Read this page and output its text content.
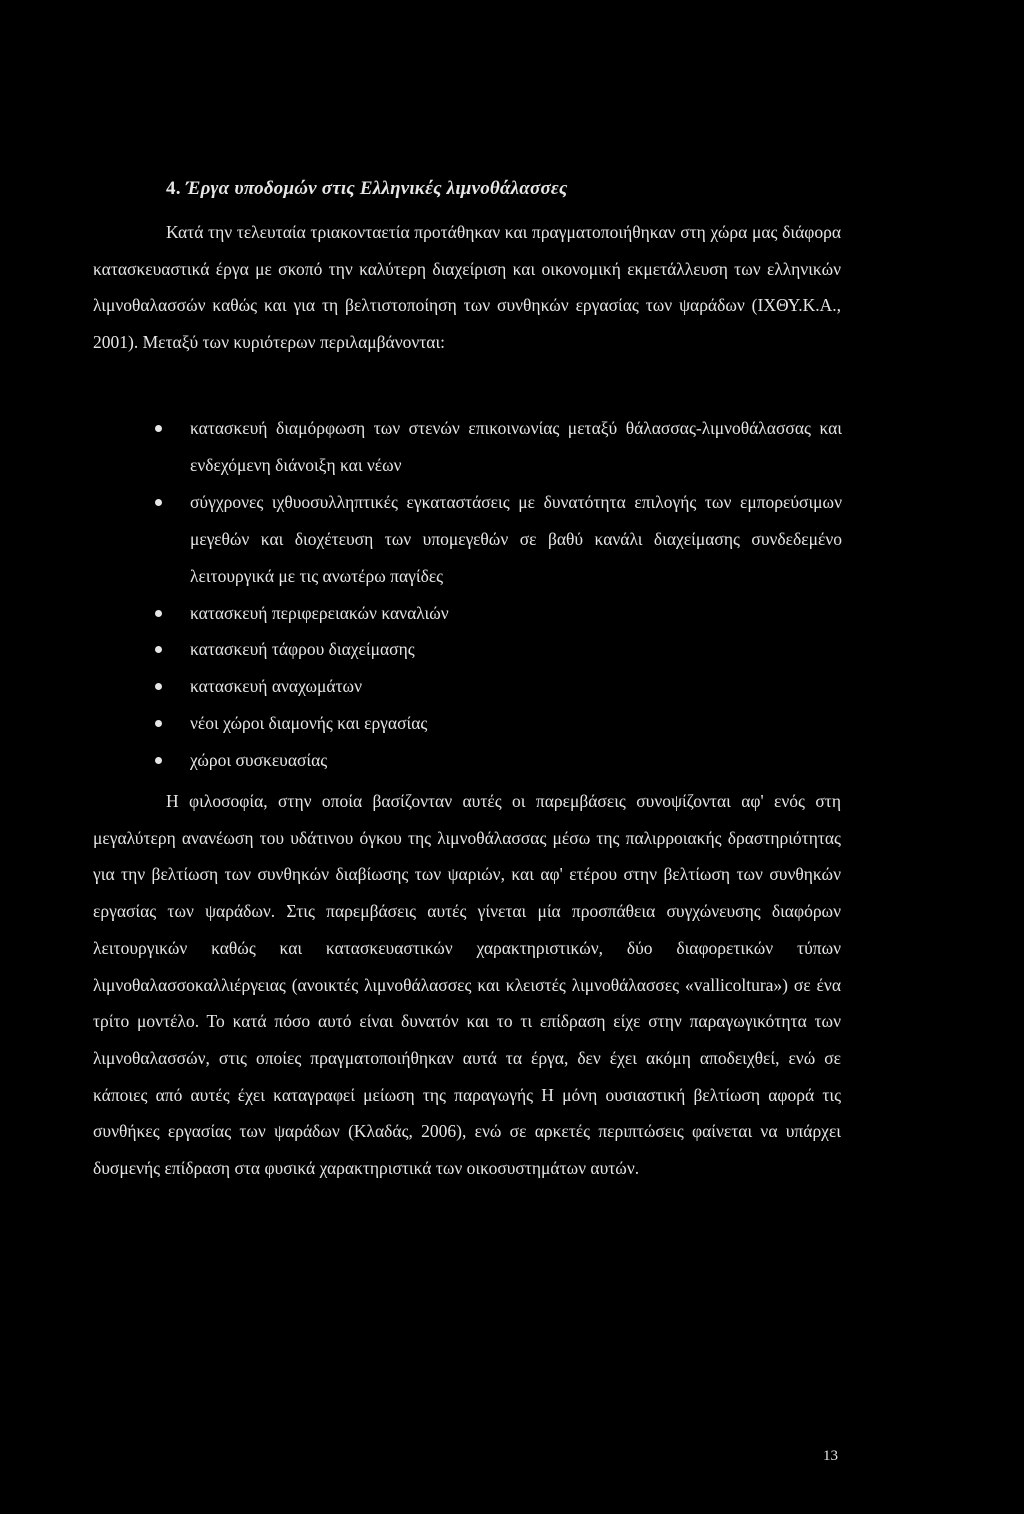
4. Έργα υποδομών στις Ελληνικές λιμνοθάλασσες
Κατά την τελευταία τριακονταετία προτάθηκαν και πραγματοποιήθηκαν στη χώρα μας διάφορα κατασκευαστικά έργα με σκοπό την καλύτερη διαχείριση και οικονομική εκμετάλλευση των ελληνικών λιμνοθαλασσών καθώς και για τη βελτιστοποίηση των συνθηκών εργασίας των ψαράδων (ΙΧΘΥ.Κ.Α., 2001). Μεταξύ των κυριότερων περιλαμβάνονται:
κατασκευή διαμόρφωση των στενών επικοινωνίας μεταξύ θάλασσας-λιμνοθάλασσας και ενδεχόμενη διάνοιξη και νέων
σύγχρονες ιχθυοσυλληπτικές εγκαταστάσεις με δυνατότητα επιλογής των εμπορεύσιμων μεγεθών και διοχέτευση των υπομεγεθών σε βαθύ κανάλι διαχείμασης συνδεδεμένο λειτουργικά με τις ανωτέρω παγίδες
κατασκευή περιφερειακών καναλιών
κατασκευή τάφρου διαχείμασης
κατασκευή αναχωμάτων
νέοι χώροι διαμονής και εργασίας
χώροι συσκευασίας
Η φιλοσοφία, στην οποία βασίζονταν αυτές οι παρεμβάσεις συνοψίζονται αφ' ενός στη μεγαλύτερη ανανέωση του υδάτινου όγκου της λιμνοθάλασσας μέσω της παλιρροιακής δραστηριότητας για την βελτίωση των συνθηκών διαβίωσης των ψαριών, και αφ' ετέρου στην βελτίωση των συνθηκών εργασίας των ψαράδων. Στις παρεμβάσεις αυτές γίνεται μία προσπάθεια συγχώνευσης διαφόρων λειτουργικών καθώς και κατασκευαστικών χαρακτηριστικών, δύο διαφορετικών τύπων λιμνοθαλασσοκαλλιέργειας (ανοικτές λιμνοθάλασσες και κλειστές λιμνοθάλασσες «vallicoltura») σε ένα τρίτο μοντέλο. Το κατά πόσο αυτό είναι δυνατόν και το τι επίδραση είχε στην παραγωγικότητα των λιμνοθαλασσών, στις οποίες πραγματοποιήθηκαν αυτά τα έργα, δεν έχει ακόμη αποδειχθεί, ενώ σε κάποιες από αυτές έχει καταγραφεί μείωση της παραγωγής Η μόνη ουσιαστική βελτίωση αφορά τις συνθήκες εργασίας των ψαράδων (Κλαδάς, 2006), ενώ σε αρκετές περιπτώσεις φαίνεται να υπάρχει δυσμενής επίδραση στα φυσικά χαρακτηριστικά των οικοσυστημάτων αυτών.
13
